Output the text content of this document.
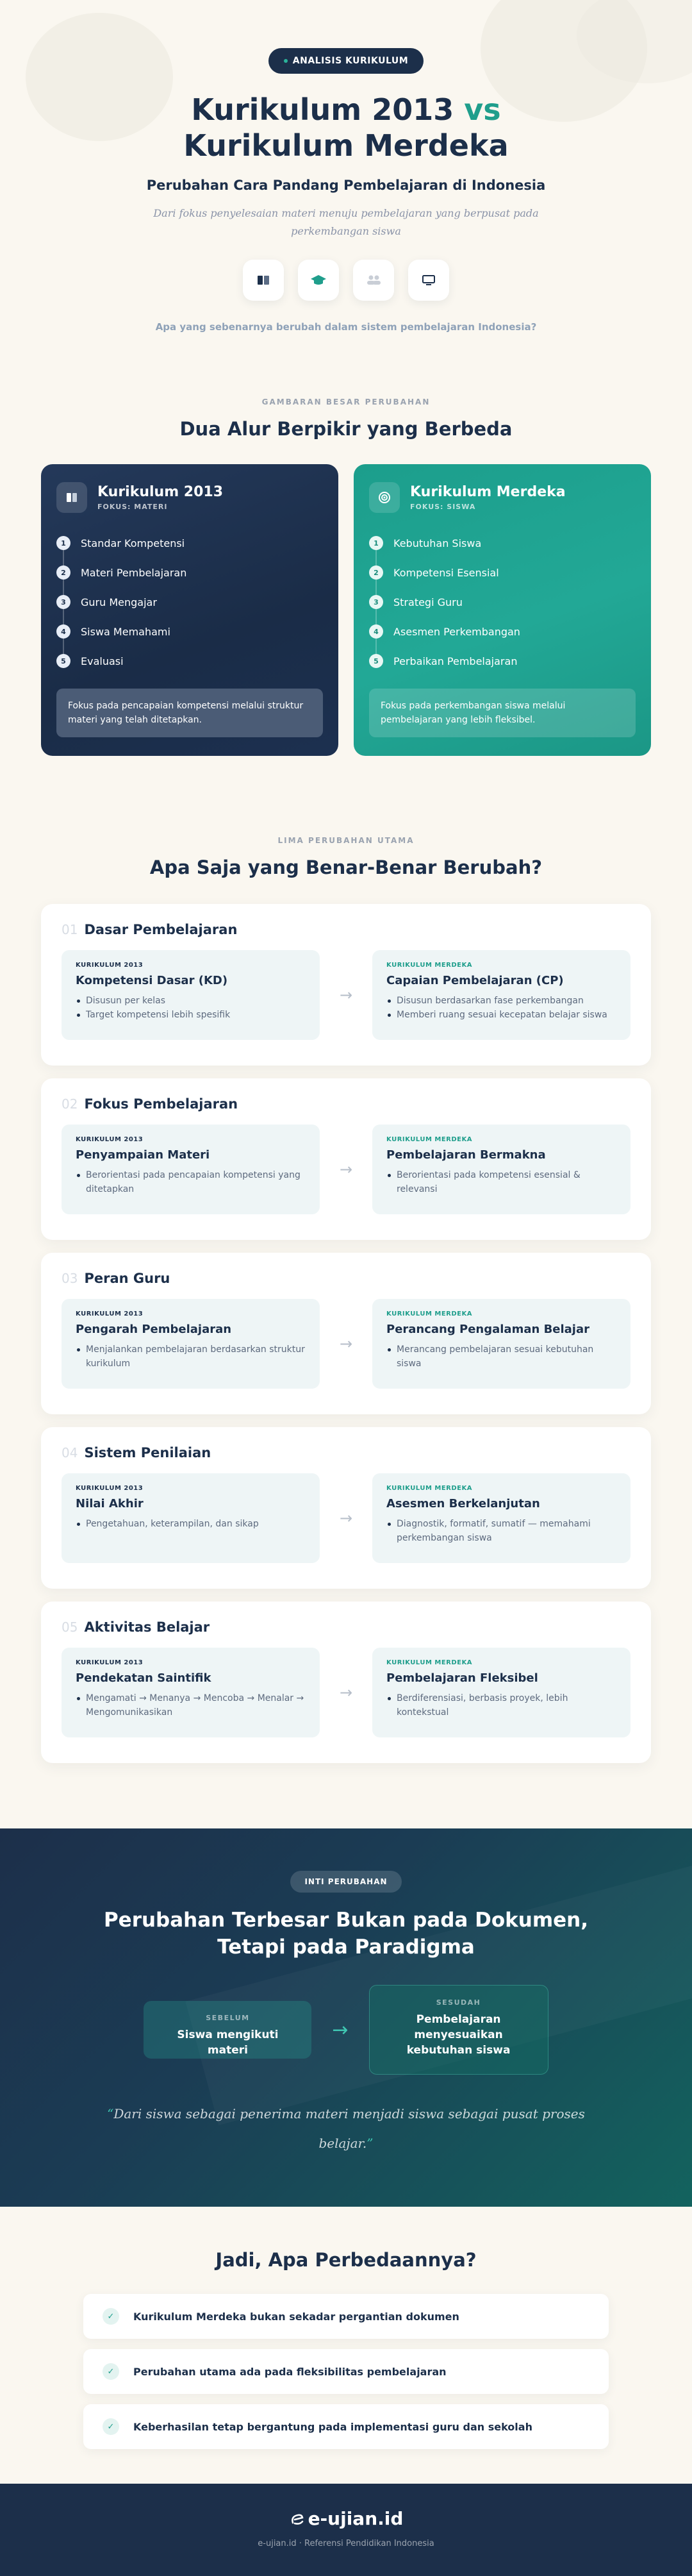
ANALISIS KURIKULUM
Kurikulum 2013 vs
Kurikulum Merdeka
Perubahan Cara Pandang Pembelajaran di Indonesia
Dari fokus penyelesaian materi menuju pembelajaran yang berpusat pada perkembangan siswa
Apa yang sebenarnya berubah dalam sistem pembelajaran Indonesia?
GAMBARAN BESAR PERUBAHAN
Dua Alur Berpikir yang Berbeda
Kurikulum 2013
FOKUS: MATERI
1	Standar Kompetensi
2	Materi Pembelajaran
3	Guru Mengajar
4	Siswa Memahami
5	Evaluasi
Fokus pada pencapaian kompetensi melalui struktur materi yang telah ditetapkan.
Kurikulum Merdeka
FOKUS: SISWA
1	Kebutuhan Siswa
2	Kompetensi Esensial
3	Strategi Guru
4	Asesmen Perkembangan
5	Perbaikan Pembelajaran
Fokus pada perkembangan siswa melalui pembelajaran yang lebih fleksibel.
LIMA PERUBAHAN UTAMA
Apa Saja yang Benar-Benar Berubah?
01 Dasar Pembelajaran
KURIKULUM 2013
Kompetensi Dasar (KD)
Disusun per kelas
Target kompetensi lebih spesifik
→
KURIKULUM MERDEKA
Capaian Pembelajaran (CP)
Disusun berdasarkan fase perkembangan
Memberi ruang sesuai kecepatan belajar siswa
02 Fokus Pembelajaran
KURIKULUM 2013
Penyampaian Materi
Berorientasi pada pencapaian kompetensi yang ditetapkan
→
KURIKULUM MERDEKA
Pembelajaran Bermakna
Berorientasi pada kompetensi esensial & relevansi
03 Peran Guru
KURIKULUM 2013
Pengarah Pembelajaran
Menjalankan pembelajaran berdasarkan struktur kurikulum
→
KURIKULUM MERDEKA
Perancang Pengalaman Belajar
Merancang pembelajaran sesuai kebutuhan siswa
04 Sistem Penilaian
KURIKULUM 2013
Nilai Akhir
Pengetahuan, keterampilan, dan sikap	→
KURIKULUM MERDEKA
Asesmen Berkelanjutan
Diagnostik, formatif, sumatif — memahami perkembangan siswa
05 Aktivitas Belajar
KURIKULUM 2013
Pendekatan Saintifik
Mengamati → Menanya → Mencoba → Menalar → Mengomunikasikan
→
KURIKULUM MERDEKA
Pembelajaran Fleksibel
Berdiferensiasi, berbasis proyek, lebih kontekstual
INTI PERUBAHAN
Perubahan Terbesar Bukan pada Dokumen, Tetapi pada Paradigma
SEBELUM
Siswa mengikuti materi
→
SESUDAH
Pembelajaran menyesuaikan kebutuhan siswa
“Dari siswa sebagai penerima materi menjadi siswa sebagai pusat proses belajar.”
Jadi, Apa Perbedaannya?
✓	Kurikulum Merdeka bukan sekadar pergantian dokumen
✓	Perubahan utama ada pada fleksibilitas pembelajaran
✓	Keberhasilan tetap bergantung pada implementasi guru dan sekolah
e-ujian.id
e-ujian.id · Referensi Pendidikan Indonesia
